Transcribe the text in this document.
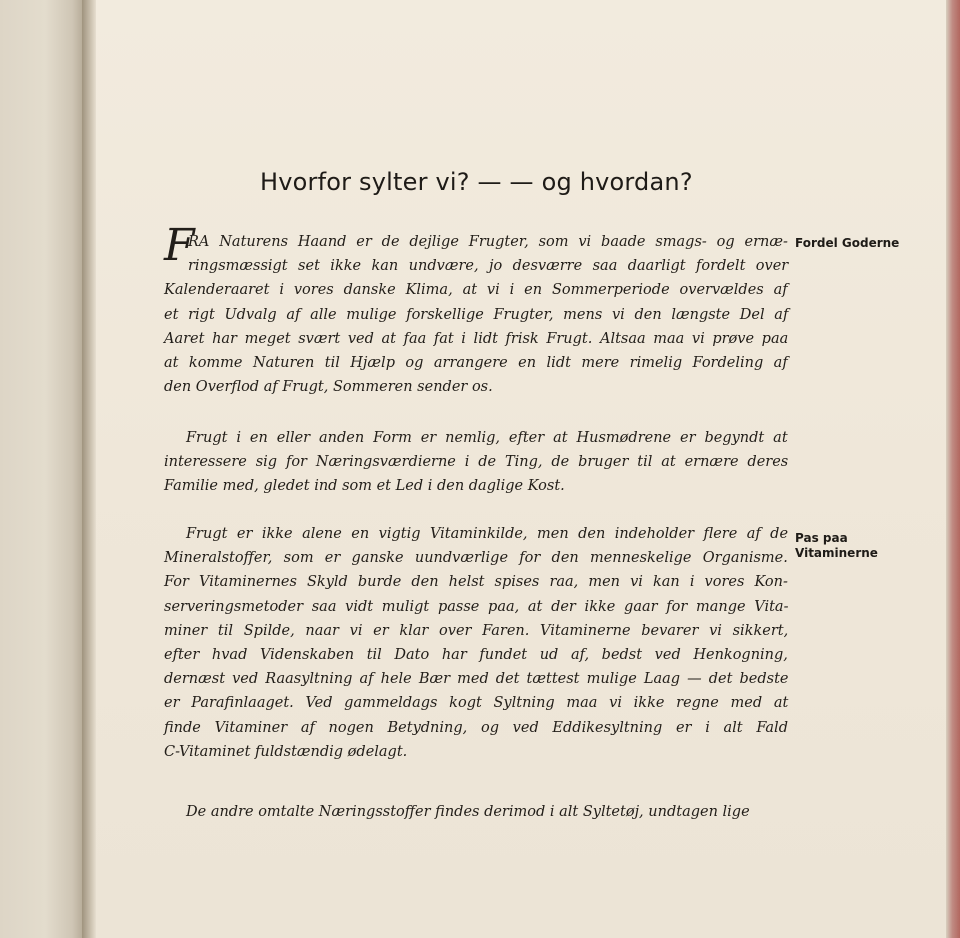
Hvorfor sylter vi? — — og hvordan?
F

RA Naturens Haand er de dejlige Frugter, som vi baade smags- og ernæ-
ringsmæssigt set ikke kan undvære, jo desværre saa daarligt fordelt over
Kalenderaaret i vores danske Klima, at vi i en Sommerperiode overvældes af
et rigt Udvalg af alle mulige forskellige Frugter, mens vi den længste Del af
Aaret har meget svært ved at faa fat i lidt frisk Frugt. Altsaa maa vi prøve paa
at komme Naturen til Hjælp og arrangere en lidt mere rimelig Fordeling af
den Overflod af Frugt, Sommeren sender os.

Frugt i en eller anden Form er nemlig, efter at Husmødrene er begyndt at
interessere sig for Næringsværdierne i de Ting, de bruger til at ernære deres
Familie med, gledet ind som et Led i den daglige Kost.

Frugt er ikke alene en vigtig Vitaminkilde, men den indeholder flere af de
Mineralstoffer, som er ganske uundværlige for den menneskelige Organisme.
For Vitaminernes Skyld burde den helst spises raa, men vi kan i vores Kon-
serveringsmetoder saa vidt muligt passe paa, at der ikke gaar for mange Vita-
miner til Spilde, naar vi er klar over Faren. Vitaminerne bevarer vi sikkert,
efter hvad Videnskaben til Dato har fundet ud af, bedst ved Henkogning,
dernæst ved Raasyltning af hele Bær med det tættest mulige Laag — det bedste
er Parafinlaaget. Ved gammeldags kogt Syltning maa vi ikke regne med at
finde Vitaminer af nogen Betydning, og ved Eddikesyltning er i alt Fald
C-Vitaminet fuldstændig ødelagt.

De andre omtalte Næringsstoffer findes derimod i alt Syltetøj, undtagen lige

Fordel Goderne

Pas paa
Vitaminerne
